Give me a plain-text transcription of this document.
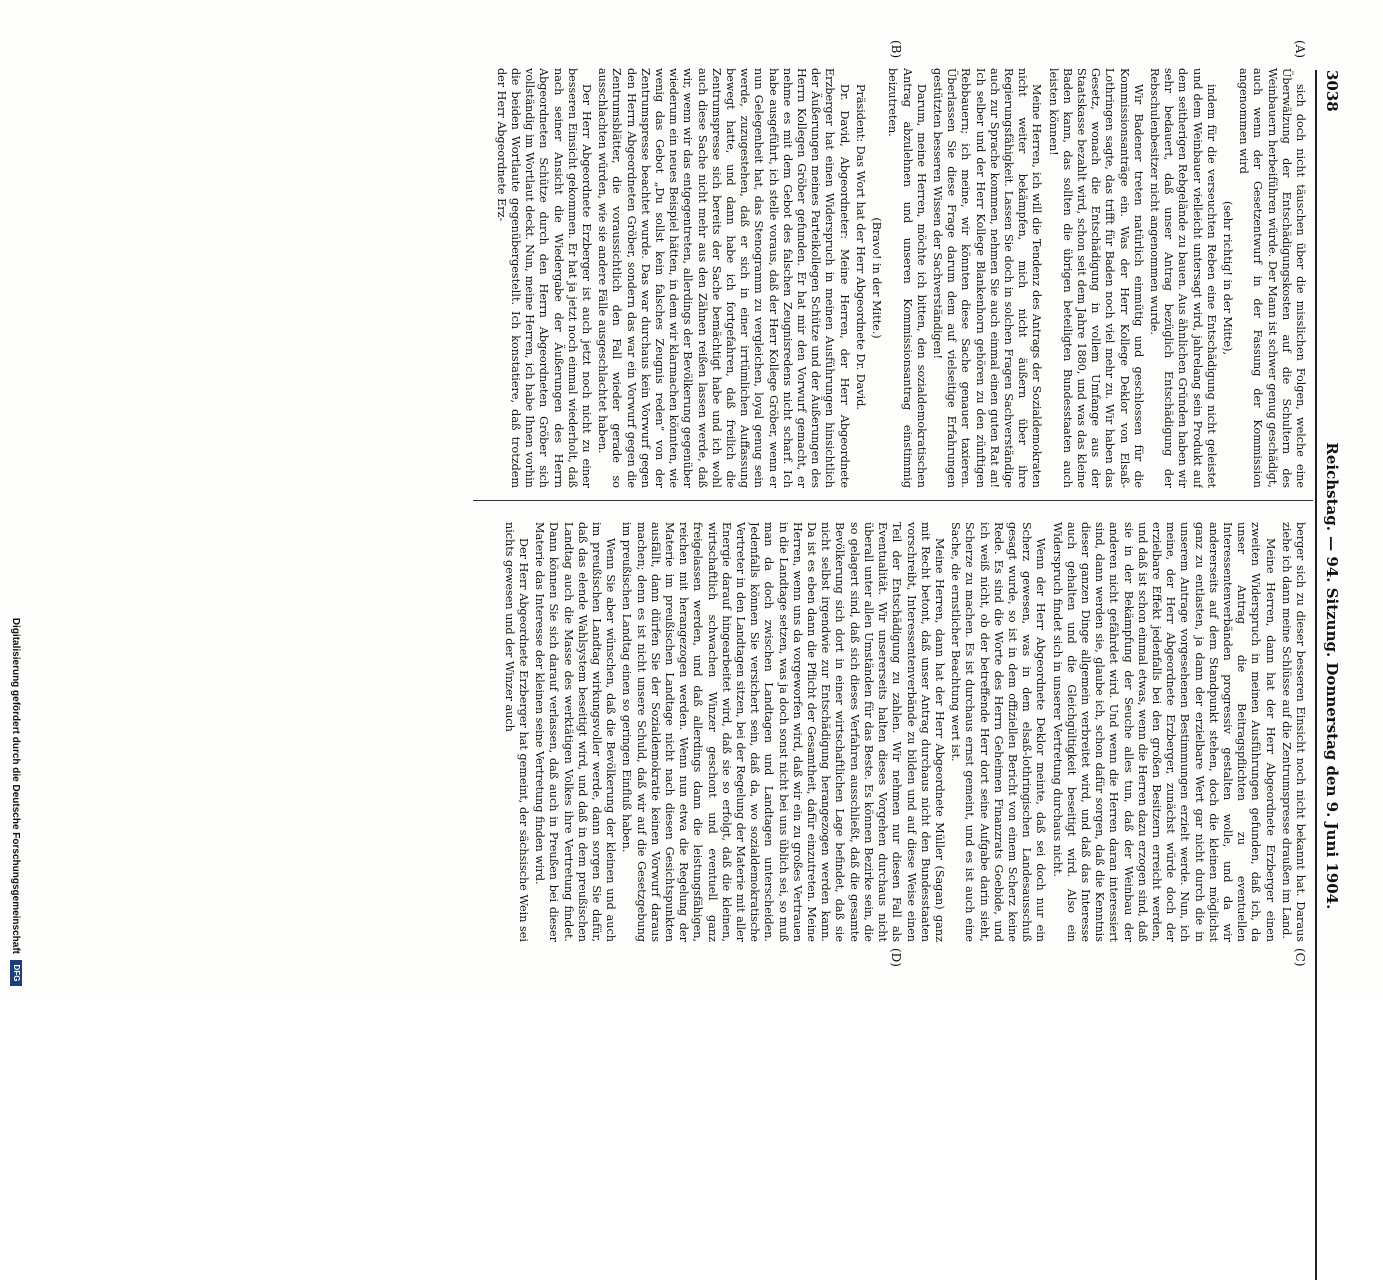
3038
Reichstag. — 94. Sitzung. Donnerstag den 9. Juni 1904.
(A)
(B)
(C)
(D)

sich doch nicht täuschen über die misslichen Folgen, welche eine Überwälzung der Entschädigungskosten auf die Schultern des Weinbauern herbeiführen würde. Der Mann ist schwer genug geschädigt, auch wenn der Gesetzentwurf in der Fassung der Kommission angenommen wird

(sehr richtig! in der Mitte),

indem für die verseuchten Reben eine Entschädigung nicht geleistet und dem Weinbauer vielleicht untersagt wird, jahrelang sein Produkt auf dem seitherigen Rebgelände zu bauen. Aus ähnlichen Gründen haben wir sehr bedauert, daß unser Antrag bezüglich Entschädigung der Rebschulenbesitzer nicht angenommen wurde.

Wir Badener treten natürlich einmütig und geschlossen für die Kommissionsanträge ein. Was der Herr Kollege Deklor von Elsaß-Lothringen sagte, das trifft für Baden noch viel mehr zu. Wir haben das Gesetz, wonach die Entschädigung in vollem Umfange aus der Staatskasse bezahlt wird, schon seit dem Jahre 1880, und was das kleine Baden kann, das sollten die übrigen beteiligten Bundesstaaten auch leisten können!

Meine Herren, ich will die Tendenz des Antrags der Sozialdemokraten nicht weiter bekämpfen, mich nicht äußern über ihre Regierungsfähigkeit. Lassen Sie doch in solchen Fragen Sachverständige auch zur Sprache kommen, nehmen Sie auch einmal einen guten Rat an! Ich selber und der Herr Kollege Blankenhorn gehören zu den zünftigen Rebbauern; ich meine, wir könnten diese Sache genauer taxieren. Überlassen Sie diese Frage darum dem auf vielseitige Erfahrungen gestützten besseren Wissen der Sachverständigen!

Darum, meine Herren, möchte ich bitten, den sozialdemokratischen Antrag abzulehnen und unseren Kommissionsantrag einstimmig beizutreten.

(Bravo! in der Mitte.)

Präsident: Das Wort hat der Herr Abgeordnete Dr. David.

Dr. David, Abgeordneter: Meine Herren, der Herr Abgeordnete Erzberger hat einen Widerspruch in meinen Ausführungen hinsichtlich der Äußerungen meines Parteikollegen Schütze und der Äußerungen des Herrn Kollegen Gröber gefunden. Er hat mir den Vorwurf gemacht, er nehme es mit dem Gebot des falschen Zeugnisredens nicht scharf. Ich habe ausgeführt, ich stelle voraus, daß der Herr Kollege Gröber, wenn er nun Gelegenheit hat, das Stenogramm zu vergleichen, loyal genug sein werde, zuzugestehen, daß er sich in einer irrtümlichen Auffassung bewegt hatte, und dann habe ich fortgefahren, daß freilich die Zentrumspresse sich bereits der Sache bemächtigt habe und ich wohl auch diese Sache nicht mehr aus den Zähnen reißen lassen werde, daß wir, wenn wir das entgegentreten, allerdings der Bevölkerung gegenüber wiederum ein neues Beispiel hätten, in dem wir klarmachen könnten, wie wenig das Gebot „Du sollst kein falsches Zeugnis reden“ von der Zentrumspresse beachtet wurde. Das war durchaus kein Vorwurf gegen den Herrn Abgeordneten Gröber, sondern das war ein Vorwurf gegen die Zentrumsblätter, die voraussichtlich den Fall wieder gerade so ausschlachten würden, wie sie andere Fälle ausgeschlachtet haben.

Der Herr Abgeordnete Erzberger ist auch jetzt noch nicht zu einer besseren Einsicht gekommen. Er hat ja jetzt noch einmal wiederholt, daß nach seiner Ansicht die Wiedergabe der Äußerungen des Herrn Abgeordneten Schütze durch den Herrn Abgeordneten Gröber sich vollständig im Wortlaut deckt. Nun, meine Herren, ich habe Ihnen vorhin die beiden Wortlaute gegenübergestellt. Ich konstatiere, daß trotzdem der Herr Abgeordnete Erz-

berger sich zu dieser besseren Einsicht noch nicht bekannt hat. Daraus ziehe ich dann meine Schlüsse auf die Zentrumspresse draußen im Land.

Meine Herren, dann hat der Herr Abgeordnete Erzberger einen zweiten Widerspruch in meinen Ausführungen gefunden, daß ich, da unser Antrag die Beitragspflichten zu eventuellen Interessentenverbänden progressiv gestalten wolle, und da wir andererseits auf dem Standpunkt stehen, doch die kleinen möglichst ganz zu entlasten, ja dann der erzielbare Wert gar nicht durch die in unserem Antrage vorgesehenen Bestimmungen erzielt werde. Nun, ich meine, der Herr Abgeordnete Erzberger, zunächst würde doch der erzielbare Effekt jedenfalls bei den großen Besitzern erreicht werden, und daß ist schon einmal etwas, wenn die Herren dazu erzogen sind, daß sie in der Bekämpfung der Seuche alles tun, daß der Weinbau der anderen nicht gefährdet wird. Und wenn die Herren daran interessiert sind, dann werden sie, glaube ich, schon dafür sorgen, daß die Kenntnis dieser ganzen Dinge allgemein verbreitet wird, und daß das Interesse auch gehalten und die Gleichgültigkeit beseitigt wird. Also ein Widerspruch findet sich in unserer Vertretung durchaus nicht.

Wenn der Herr Abgeordnete Deklor meinte, daß sei doch nur ein Scherz gewesen, was in dem elsaß-lothringischen Landesausschuß gesagt wurde, so ist in dem offiziellen Bericht von einem Scherz keine Rede. Es sind die Worte des Herrn Geheimen Finanzrats Goebide, und ich weiß nicht, ob der betreffende Herr dort seine Aufgabe darin sieht, Scherze zu machen. Es ist durchaus ernst gemeint, und es ist auch eine Sache, die ernstlicher Beachtung wert ist.

Meine Herren, dann hat der Herr Abgeordnete Müller (Sagan) ganz mit Recht betont, daß unser Antrag durchaus nicht den Bundesstaaten vorschreibt, Interessentenverbände zu bilden und auf diese Weise einen Teil der Entschädigung zu zahlen. Wir nehmen nur diesen Fall als Eventualität. Wir unsererseits halten dieses Vorgehen durchaus nicht überall unter allen Umständen für das Beste. Es können Bezirke sein, die so gelagert sind, daß sich dieses Verfahren ausschließt, daß die gesamte Bevölkerung sich dort in einer wirtschaftlichen Lage befindet, daß sie nicht selbst irgendwie zur Entschädigung herangezogen werden kann. Da ist es eben dann die Pflicht der Gesamtheit, dafür einzutreten. Meine Herren, wenn uns da vorgeworfen wird, daß wir ein zu großes Vertrauen in die Landtage setzen, was ja doch sonst nicht bei uns üblich sei, so muß man da doch zwischen Landtagen und Landtagen unterscheiden. Jedenfalls können Sie versichert sein, daß da, wo sozialdemokratische Vertreter in den Landtagen sitzen, bei der Regelung der Materie mit aller Energie darauf hingearbeitet wird, daß sie so erfolgt, daß die kleinen, wirtschaftlich schwachen Winzer geschont und eventuell ganz freigelassen werden, und daß allerdings dann die leistungsfähigen, reichen mit herangezogen werden. Wenn nun etwa die Regelung der Materie im preußischen Landtage nicht nach diesen Gesichtspunkten ausfällt, dann dürfen Sie der Sozialdemokratie keinen Vorwurf daraus machen; denn es ist nicht unsere Schuld, daß wir auf die Gesetzgebung im preußischen Landtag einen so geringen Einfluß haben.

Wenn Sie aber wünschen, daß die Bevölkerung der kleinen und auch im preußischen Landtag wirkungsvoller werde, dann sorgen Sie dafür, daß das elende Wahlsystem beseitigt wird, und daß in dem preußischen Landtag auch die Masse des werktätigen Volkes ihre Vertretung findet. Dann können Sie sich darauf verlassen, daß auch in Preußen bei dieser Materie das Interesse der kleinen seine Vertretung finden wird.

Der Herr Abgeordnete Erzberger hat gemeint, der sächsische Wein sei nichts gewesen und der Winzer auch

Digitalisierung gefördert durch die Deutsche Forschungsgemeinschaft
DFG
